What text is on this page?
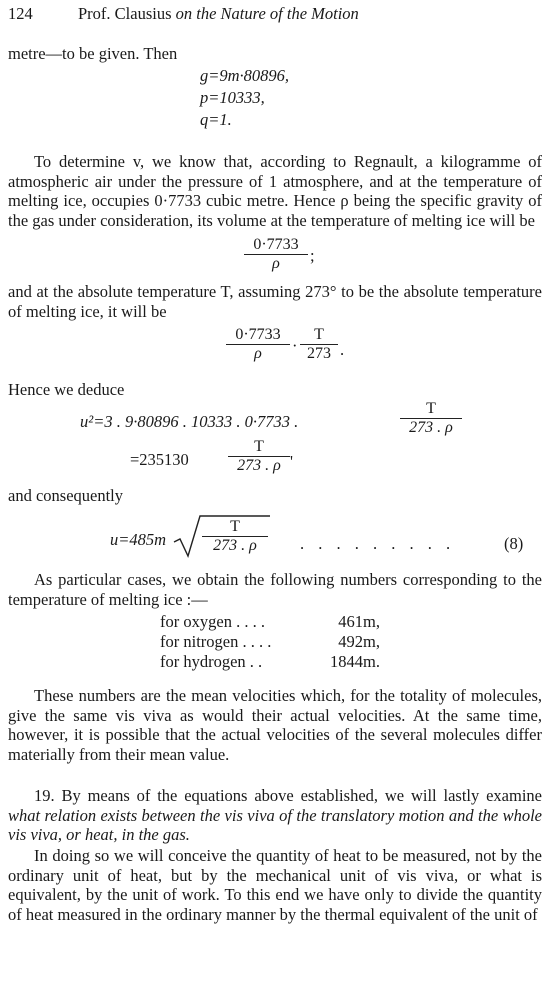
124	Prof. Clausius on the Nature of the Motion
metre—to be given. Then
g=9m·80896,
p=10333,
q=1.
To determine v, we know that, according to Regnault, a kilogramme of atmospheric air under the pressure of 1 atmosphere, and at the temperature of melting ice, occupies 0·7733 cubic metre. Hence ρ being the specific gravity of the gas under consideration, its volume at the temperature of melting ice will be
$\frac{0\cdot 7733}{\rho}$ ;
and at the absolute temperature T, assuming 273° to be the absolute temperature of melting ice, it will be
$\frac{0\cdot 7733}{\rho} \cdot \frac{T}{273}$ .
Hence we deduce
u²=3 . 9·80896 . 10333 . 0·7733 .	$\frac{T}{273 . \rho}$
$=235130 \frac{T}{273 . \rho}$ '
and consequently
$u=485m \frac{T}{273 . \rho}$ . . . . . . . . .	(8)
As particular cases, we obtain the following numbers corresponding to the temperature of melting ice :—
for oxygen . . . .	461m,
for nitrogen . . . .	492m,
for hydrogen . .	1844m.
These numbers are the mean velocities which, for the totality of molecules, give the same vis viva as would their actual velocities. At the same time, however, it is possible that the actual velocities of the several molecules differ materially from their mean value.
19. By means of the equations above established, we will lastly examine what relation exists between the vis viva of the translatory motion and the whole vis viva, or heat, in the gas.
In doing so we will conceive the quantity of heat to be measured, not by the ordinary unit of heat, but by the mechanical unit of vis viva, or what is equivalent, by the unit of work. To this end we have only to divide the quantity of heat measured in the ordinary manner by the thermal equivalent of the unit of
